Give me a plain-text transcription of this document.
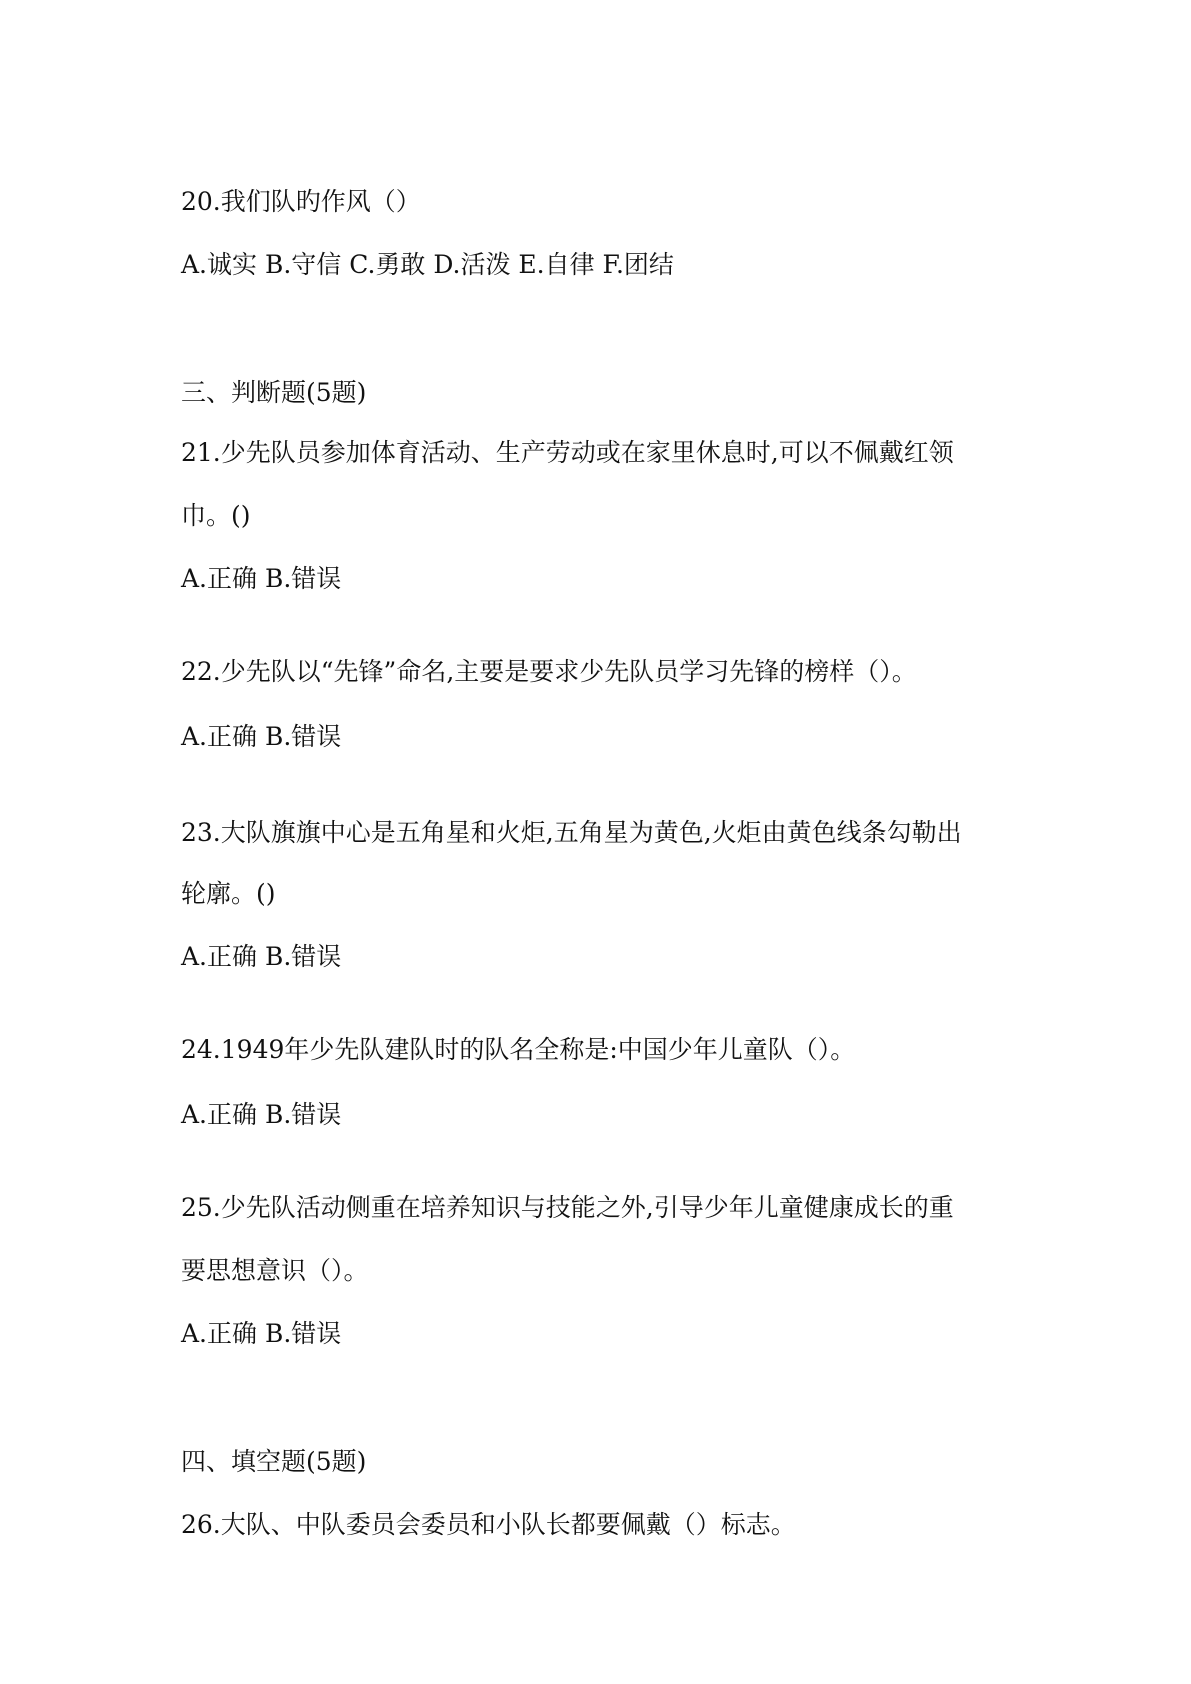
20.我们队旳作风（）
A.诚实 B.守信 C.勇敢 D.活泼 E.自律 F.团结
三、判断题(5题)
21.少先队员参加体育活动、生产劳动或在家里休息时,可以不佩戴红领
巾。()
A.正确 B.错误
22.少先队以“先锋”命名,主要是要求少先队员学习先锋的榜样（）。
A.正确 B.错误
23.大队旗旗中心是五角星和火炬,五角星为黄色,火炬由黄色线条勾勒出
轮廓。()
A.正确 B.错误
24.1949年少先队建队时的队名全称是:中国少年儿童队（）。
A.正确 B.错误
25.少先队活动侧重在培养知识与技能之外,引导少年儿童健康成长的重
要思想意识（）。
A.正确 B.错误
四、填空题(5题)
26.大队、中队委员会委员和小队长都要佩戴（）标志。
